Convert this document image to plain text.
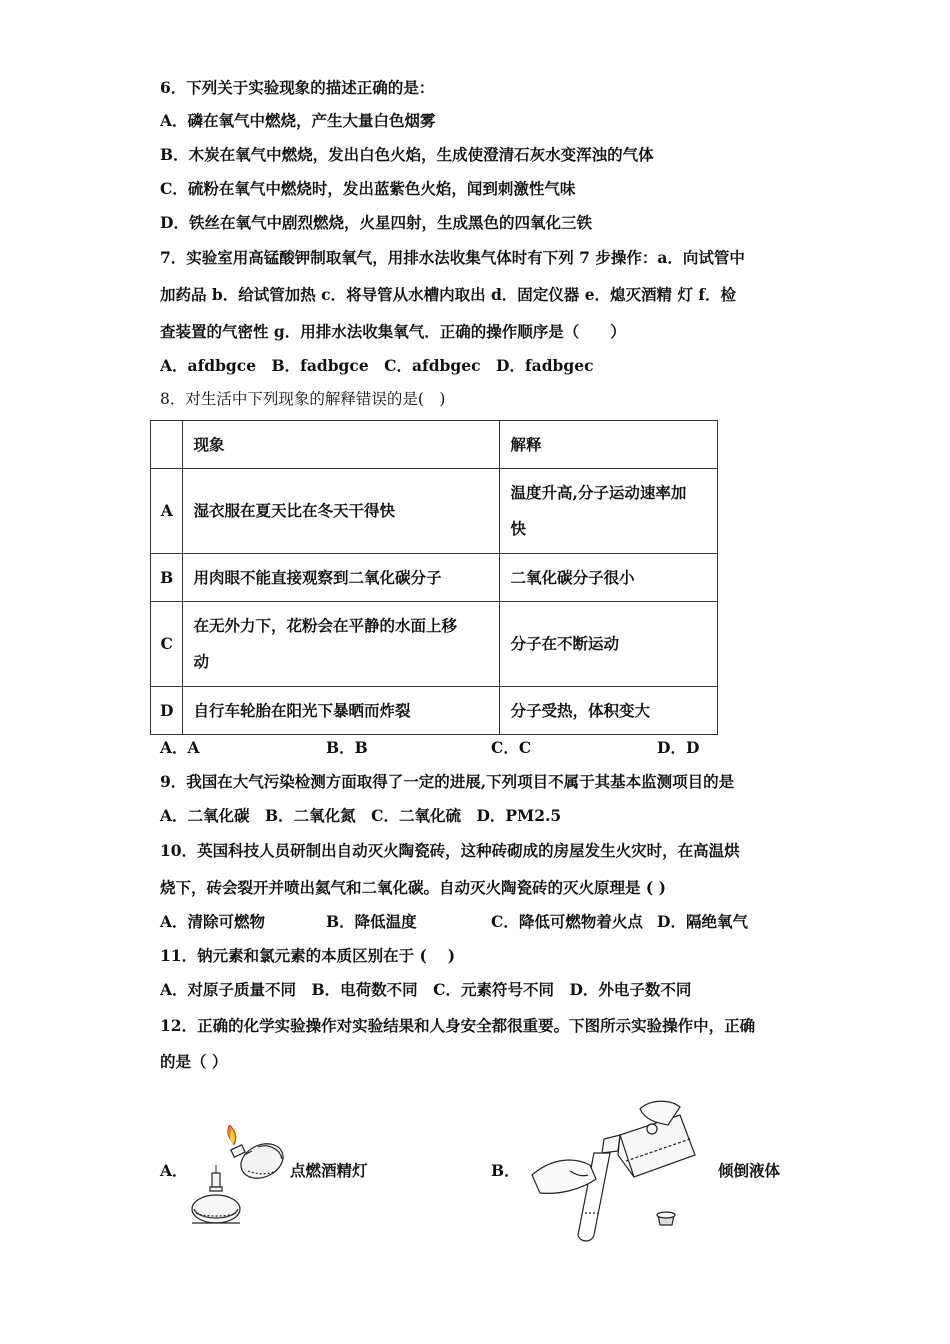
6．下列关于实验现象的描述正确的是：
A．磷在氧气中燃烧，产生大量白色烟雾
B．木炭在氧气中燃烧，发出白色火焰，生成使澄清石灰水变浑浊的气体
C．硫粉在氧气中燃烧时，发出蓝紫色火焰，闻到刺激性气味
D．铁丝在氧气中剧烈燃烧，火星四射，生成黑色的四氧化三铁
7．实验室用高锰酸钾制取氧气，用排水法收集气体时有下列 7 步操作：a．向试管中
加药品 b．给试管加热 c．将导管从水槽内取出 d．固定仪器 e．熄灭酒精 灯 f．检
查装置的气密性 g．用排水法收集氧气．正确的操作顺序是（　　）
A．afdbgce　B．fadbgce　C．afdbgec　D．fadbgec
8．对生活中下列现象的解释错误的是(　)
	现象	解释
A	湿衣服在夏天比在冬天干得快	温度升高,分子运动速率加
快

B	用肉眼不能直接观察到二氧化碳分子	二氧化碳分子很小
C	在无外力下，花粉会在平静的水面上移
动	分子在不断运动
D	自行车轮胎在阳光下暴晒而炸裂	分子受热，体积变大
A．A	B．B	C．C	D．D
9．我国在大气污染检测方面取得了一定的进展,下列项目不属于其基本监测项目的是
A．二氧化碳　B．二氧化氮　C．二氧化硫　D．PM2.5
10．英国科技人员研制出自动灭火陶瓷砖，这种砖砌成的房屋发生火灾时，在高温烘
烧下，砖会裂开并喷出氦气和二氧化碳。自动灭火陶瓷砖的灭火原理是 ( )
A．清除可燃物	B．降低温度	C．降低可燃物着火点 D．隔绝氧气
11．钠元素和氯元素的本质区别在于 (　 )
A．对原子质量不同　B．电荷数不同　C．元素符号不同　D．外电子数不同
12．正确的化学实验操作对实验结果和人身安全都很重要。下图所示实验操作中，正确
的是（ ）
A．	点燃酒精灯	B．	倾倒液体
